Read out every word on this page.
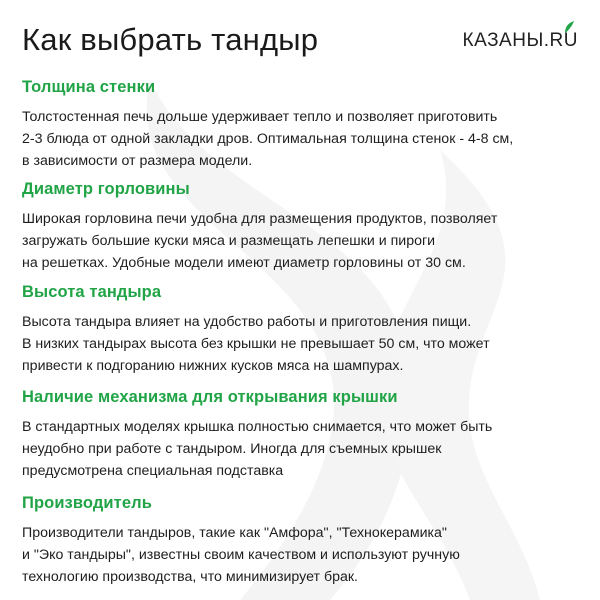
Как выбрать тандыр	КАЗАНЫ.RU
Толщина стенки

Толстостенная печь дольше удерживает тепло и позволяет приготовить
2-3 блюда от одной закладки дров. Оптимальная толщина стенок - 4-8 см,
в зависимости от размера модели.

Диаметр горловины

Широкая горловина печи удобна для размещения продуктов, позволяет
загружать большие куски мяса и размещать лепешки и пироги
на решетках. Удобные модели имеют диаметр горловины от 30 см.

Высота тандыра

Высота тандыра влияет на удобство работы и приготовления пищи.
В низких тандырах высота без крышки не превышает 50 см, что может
привести к подгоранию нижних кусков мяса на шампурах.

Наличие механизма для открывания крышки

В стандартных моделях крышка полностью снимается, что может быть
неудобно при работе с тандыром. Иногда для съемных крышек
предусмотрена специальная подставка

Производитель

Производители тандыров, такие как "Амфора", "Технокерамика"
и "Эко тандыры", известны своим качеством и используют ручную
технологию производства, что минимизирует брак.
